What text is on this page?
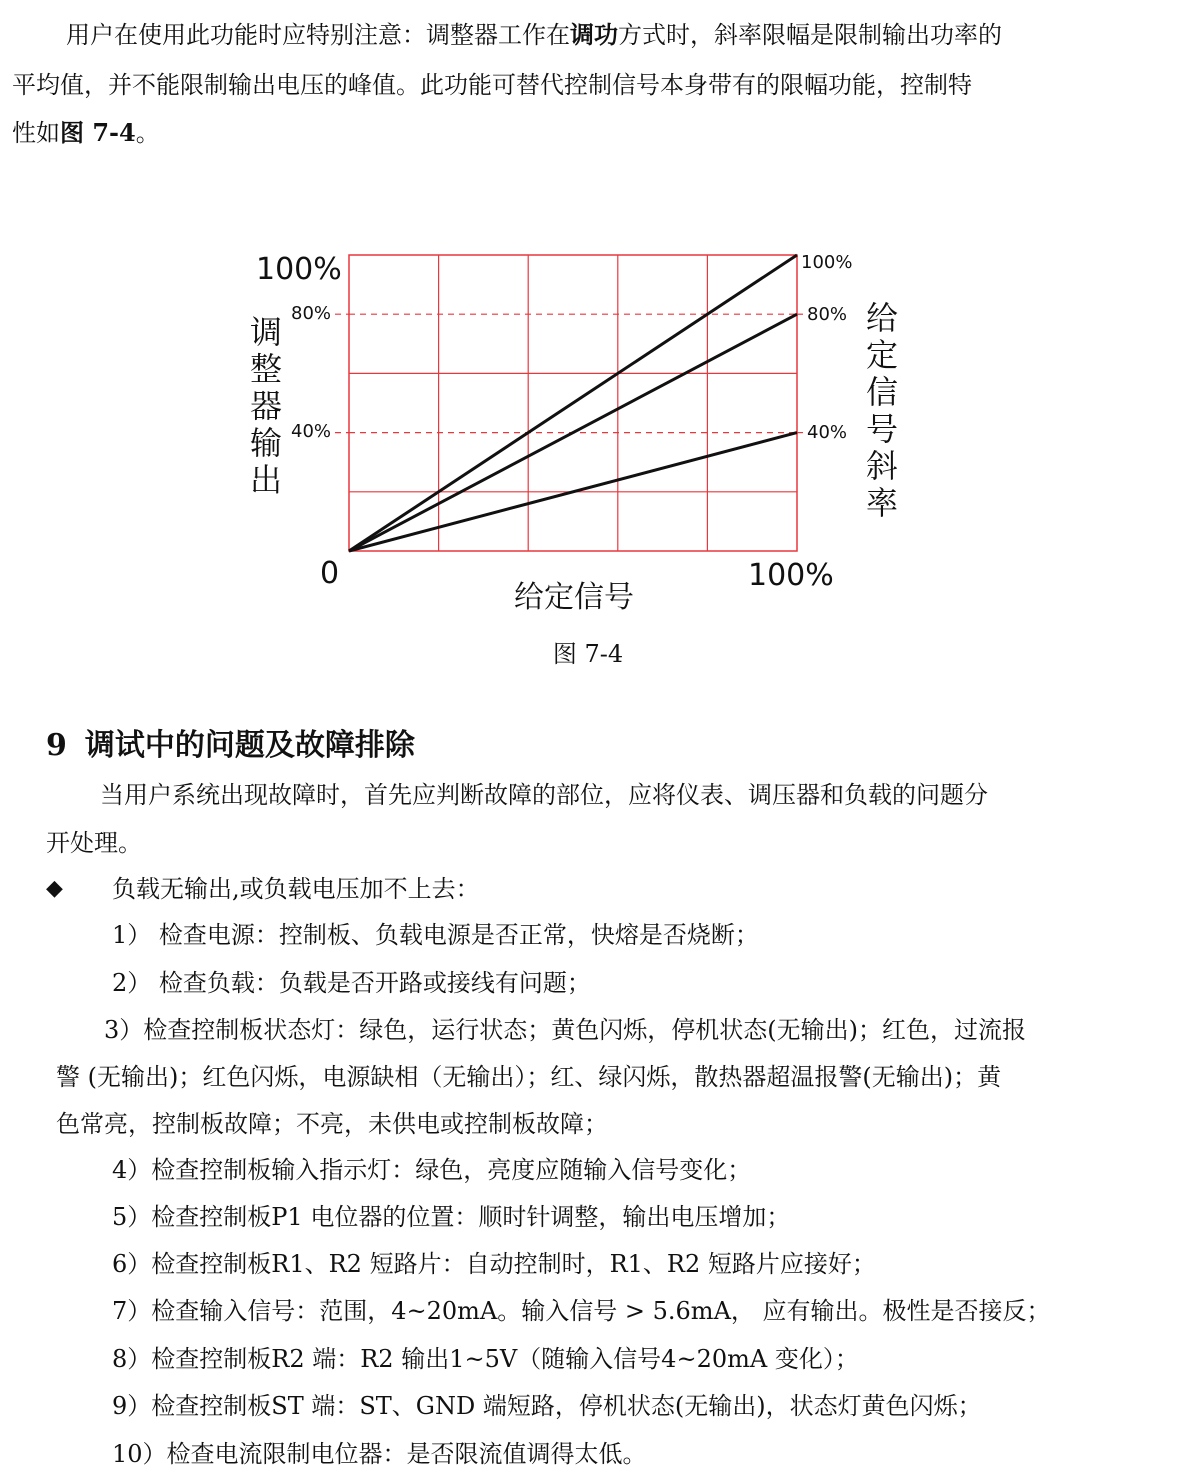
用户在使用此功能时应特别注意：调整器工作在调功方式时，斜率限幅是限制输出功率的
平均值，并不能限制输出电压的峰值。此功能可替代控制信号本身带有的限幅功能，控制特
性如图 7-4。
100%
80%
40%
0	100%
给定信号
100%
80%
40%
调整器输出
给定信号斜率
图 7-4
9 调试中的问题及故障排除
当用户系统出现故障时，首先应判断故障的部位，应将仪表、调压器和负载的问题分
开处理。
◆ 负载无输出,或负载电压加不上去：
1） 检查电源：控制板、负载电源是否正常，快熔是否烧断；
2） 检查负载：负载是否开路或接线有问题；
3）检查控制板状态灯：绿色，运行状态；黄色闪烁，停机状态(无输出)；红色，过流报
警 (无输出)；红色闪烁，电源缺相（无输出）；红、绿闪烁，散热器超温报警(无输出)；黄
色常亮，控制板故障；不亮，未供电或控制板故障；
4）检查控制板输入指示灯：绿色，亮度应随输入信号变化；
5）检查控制板P1 电位器的位置：顺时针调整，输出电压增加；
6）检查控制板R1、R2 短路片：自动控制时，R1、R2 短路片应接好；
7）检查输入信号：范围，4~20mA。输入信号 > 5.6mA， 应有输出。极性是否接反；
8）检查控制板R2 端：R2 输出1~5V（随输入信号4~20mA 变化）；
9）检查控制板ST 端：ST、GND 端短路，停机状态(无输出)，状态灯黄色闪烁；
10）检查电流限制电位器：是否限流值调得太低。
